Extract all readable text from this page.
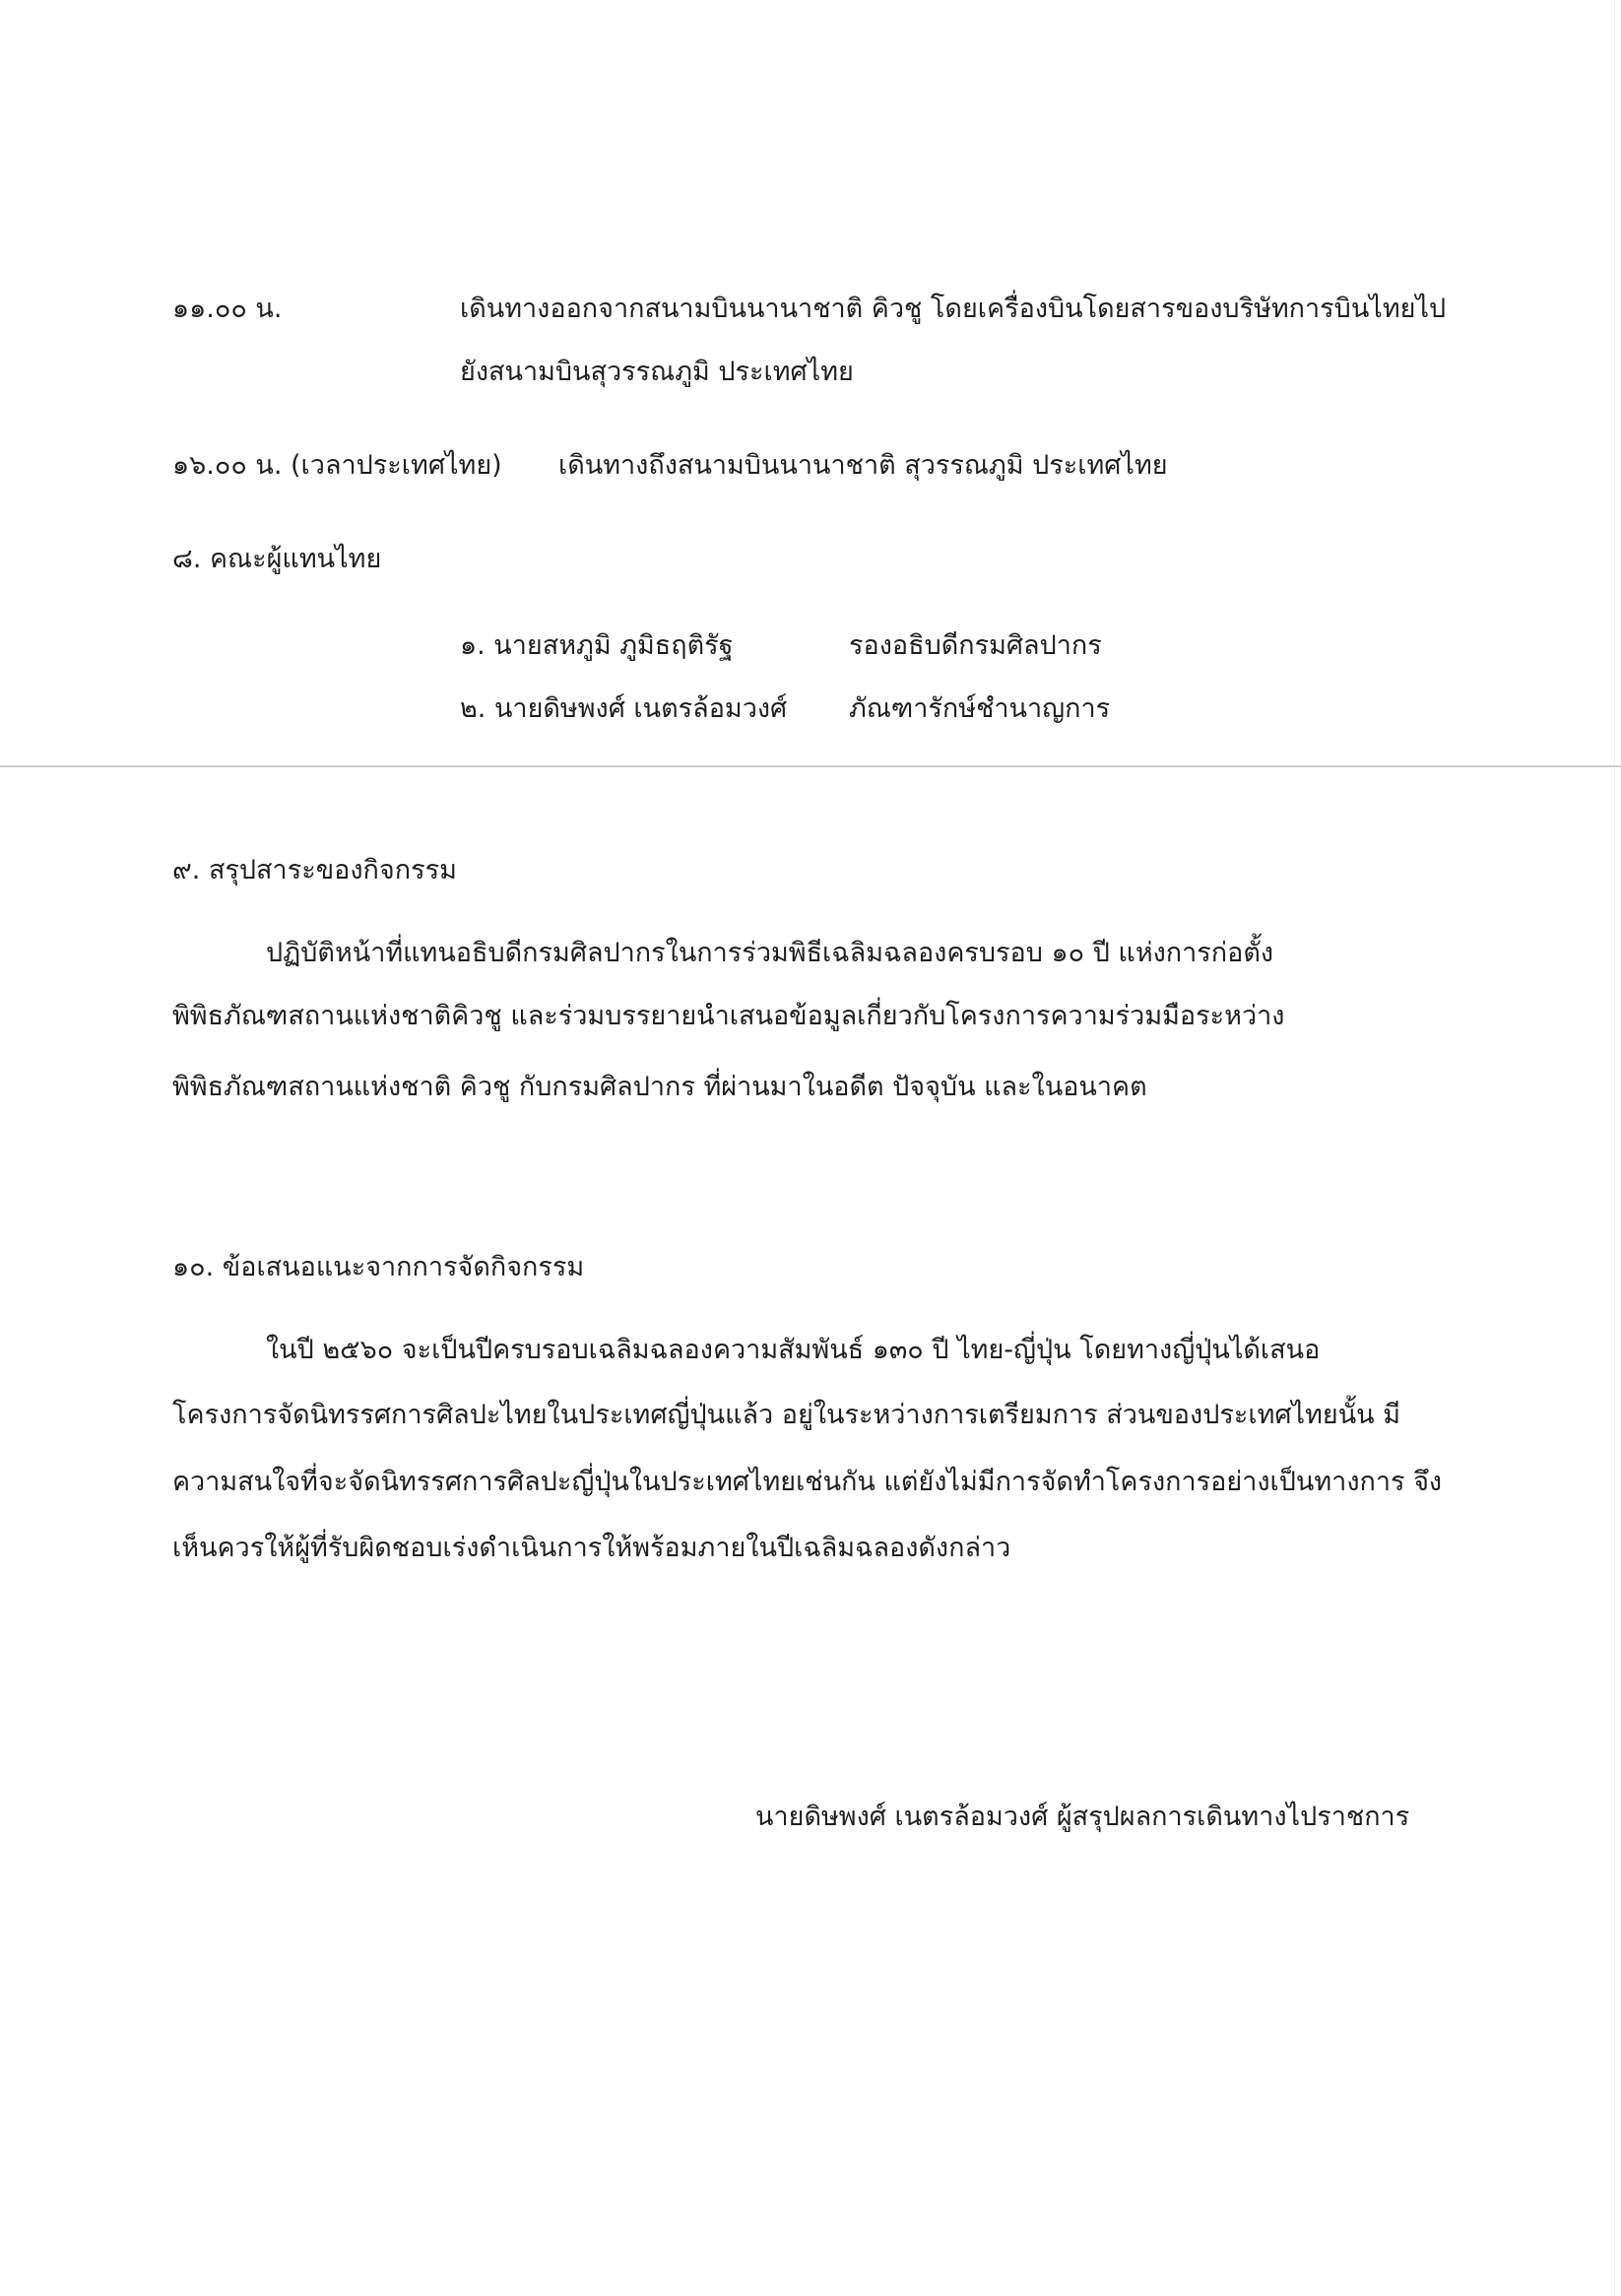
๑๑.๐๐ น.	เดินทางออกจากสนามบินนานาชาติ คิวชู โดยเครื่องบินโดยสารของบริษัทการบินไทยไป
ยังสนามบินสุวรรณภูมิ ประเทศไทย
๑๖.๐๐ น. (เวลาประเทศไทย) เดินทางถึงสนามบินนานาชาติ สุวรรณภูมิ ประเทศไทย
๘. คณะผู้แทนไทย
๑. นายสหภูมิ ภูมิธฤติรัฐ	รองอธิบดีกรมศิลปากร
๒. นายดิษพงศ์ เนตรล้อมวงศ์ ภัณฑารักษ์ชำนาญการ
๙. สรุปสาระของกิจกรรม
ปฏิบัติหน้าที่แทนอธิบดีกรมศิลปากรในการร่วมพิธีเฉลิมฉลองครบรอบ ๑๐ ปี แห่งการก่อตั้ง
พิพิธภัณฑสถานแห่งชาติคิวชู และร่วมบรรยายนำเสนอข้อมูลเกี่ยวกับโครงการความร่วมมือระหว่าง
พิพิธภัณฑสถานแห่งชาติ คิวชู กับกรมศิลปากร ที่ผ่านมาในอดีต ปัจจุบัน และในอนาคต
๑๐. ข้อเสนอแนะจากการจัดกิจกรรม
ในปี ๒๕๖๐ จะเป็นปีครบรอบเฉลิมฉลองความสัมพันธ์ ๑๓๐ ปี ไทย-ญี่ปุ่น โดยทางญี่ปุ่นได้เสนอ
โครงการจัดนิทรรศการศิลปะไทยในประเทศญี่ปุ่นแล้ว อยู่ในระหว่างการเตรียมการ ส่วนของประเทศไทยนั้น มี
ความสนใจที่จะจัดนิทรรศการศิลปะญี่ปุ่นในประเทศไทยเช่นกัน แต่ยังไม่มีการจัดทำโครงการอย่างเป็นทางการ จึง
เห็นควรให้ผู้ที่รับผิดชอบเร่งดำเนินการให้พร้อมภายในปีเฉลิมฉลองดังกล่าว
นายดิษพงศ์ เนตรล้อมวงศ์ ผู้สรุปผลการเดินทางไปราชการ
